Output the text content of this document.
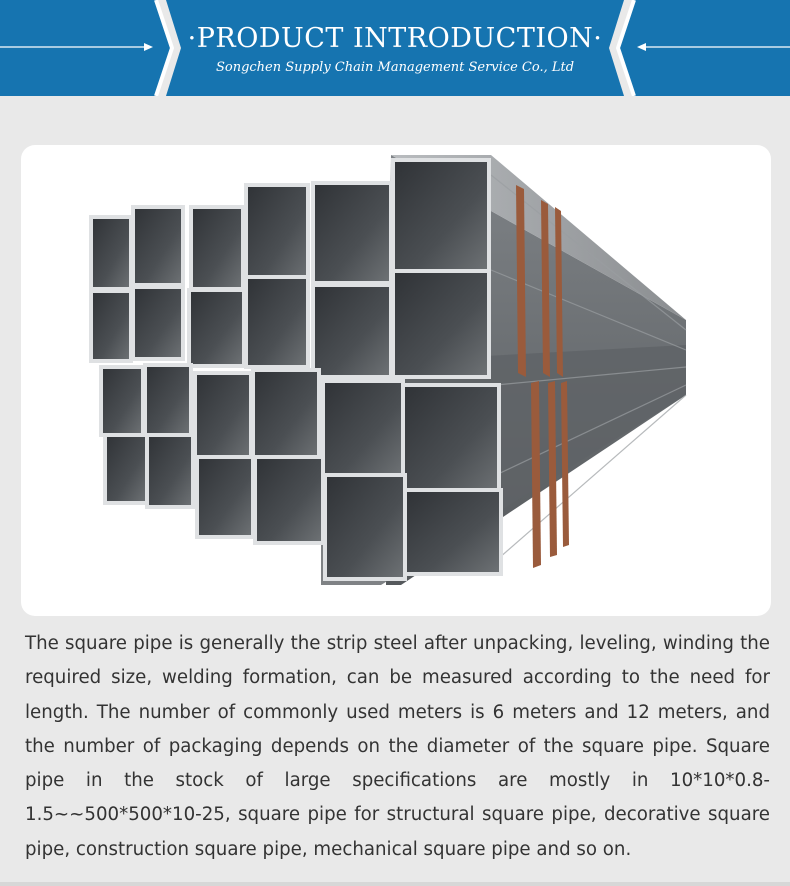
·PRODUCT INTRODUCTION·
Songchen Supply Chain Management Service Co., Ltd

The square pipe is generally the strip steel after unpacking, leveling, winding the required size, welding formation, can be measured according to the need for length. The number of commonly used meters is 6 meters and 12 meters, and the number of packaging depends on the diameter of the square pipe. Square pipe in the stock of large specifications are mostly in 10*10*0.8-1.5~~500*500*10-25, square pipe for structural square pipe, decorative square pipe, construction square pipe, mechanical square pipe and so on.
